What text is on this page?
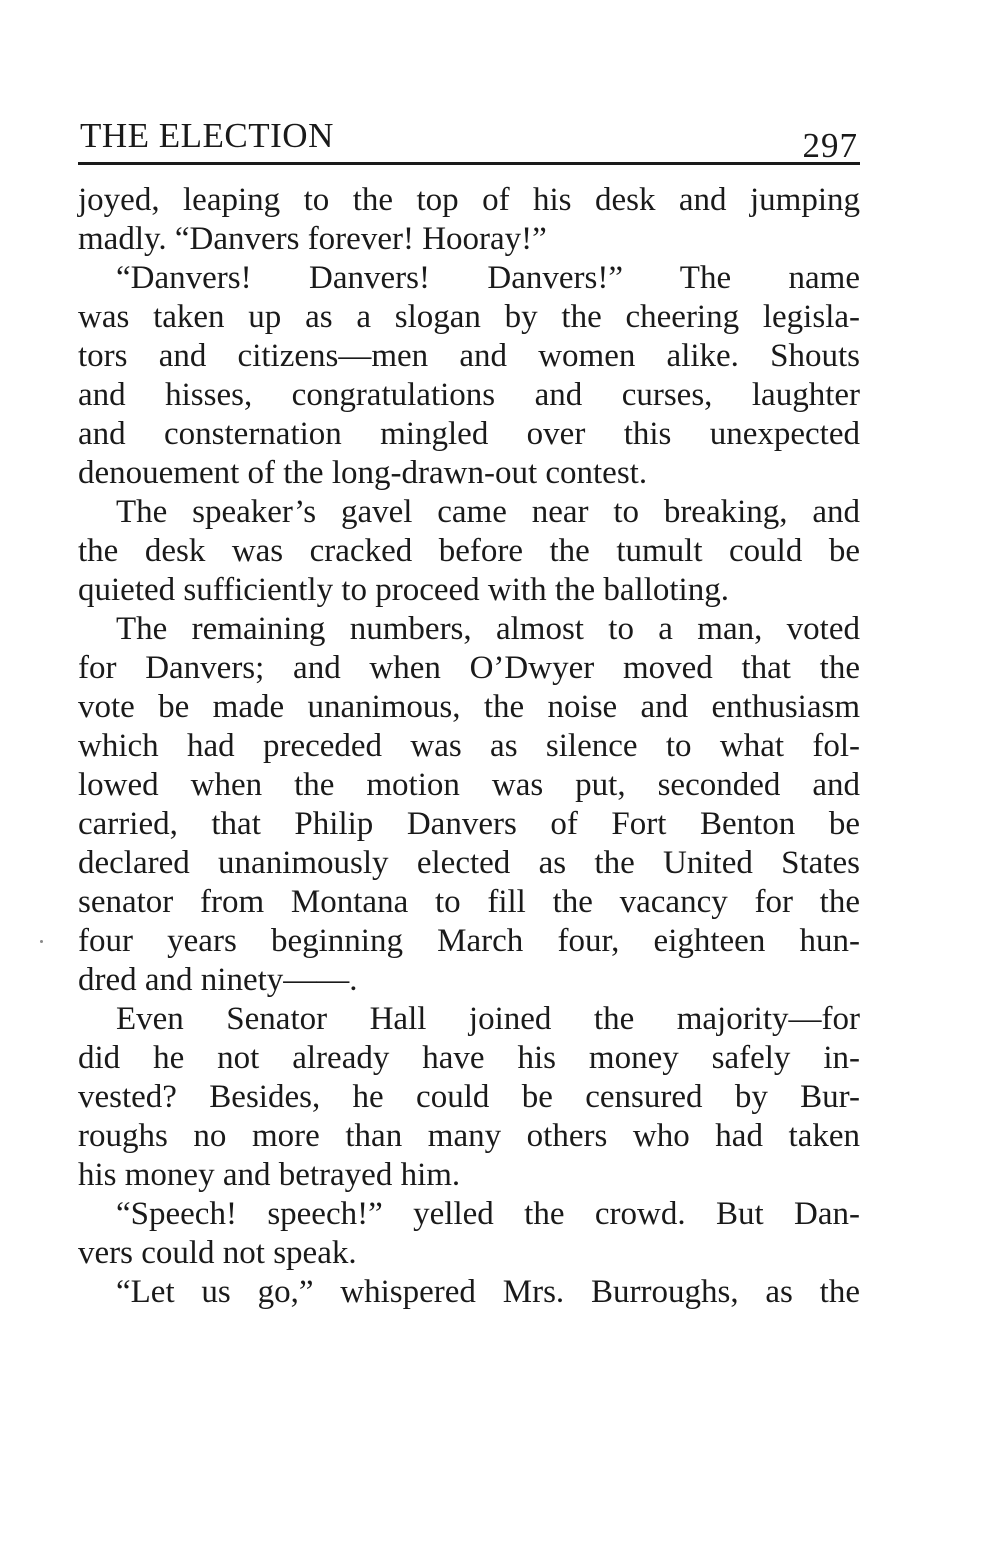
THE ELECTION	297
joyed, leaping to the top of his desk and jumping
madly. “Danvers forever! Hooray!”
“Danvers! Danvers! Danvers!” The name
was taken up as a slogan by the cheering legisla-
tors and citizens—men and women alike. Shouts
and hisses, congratulations and curses, laughter
and consternation mingled over this unexpected
denouement of the long-drawn-out contest.
The speaker’s gavel came near to breaking, and
the desk was cracked before the tumult could be
quieted sufficiently to proceed with the balloting.
The remaining numbers, almost to a man, voted
for Danvers; and when O’Dwyer moved that the
vote be made unanimous, the noise and enthusiasm
which had preceded was as silence to what fol-
lowed when the motion was put, seconded and
carried, that Philip Danvers of Fort Benton be
declared unanimously elected as the United States
senator from Montana to fill the vacancy for the
four years beginning March four, eighteen hun-
dred and ninety——.
Even Senator Hall joined the majority—for
did he not already have his money safely in-
vested? Besides, he could be censured by Bur-
roughs no more than many others who had taken
his money and betrayed him.
“Speech! speech!” yelled the crowd. But Dan-
vers could not speak.
“Let us go,” whispered Mrs. Burroughs, as the
